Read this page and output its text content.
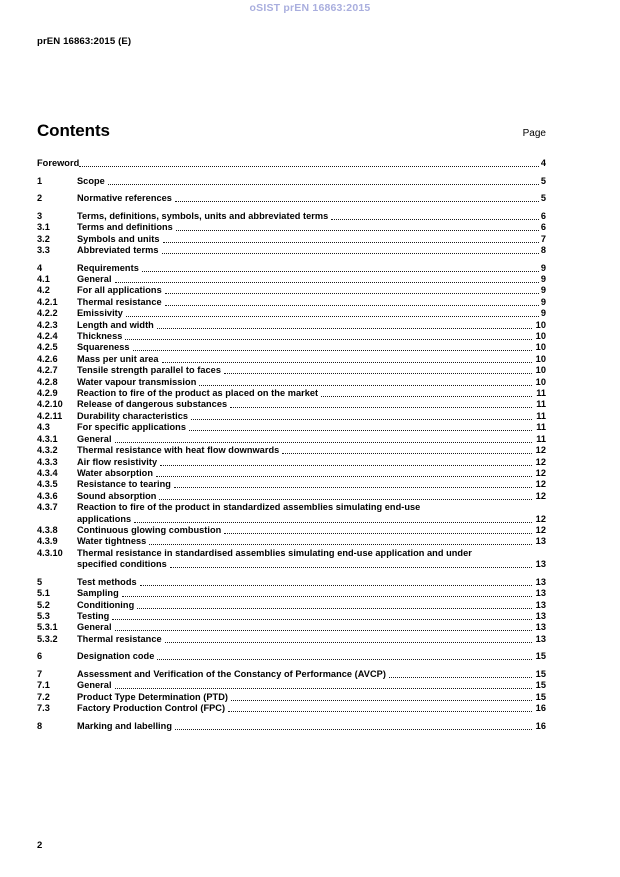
oSIST prEN 16863:2015
prEN 16863:2015 (E)
Contents	Page
Foreword	4
1	Scope	5
2	Normative references	5
3	Terms, definitions, symbols, units and abbreviated terms	6
3.1	Terms and definitions	6
3.2	Symbols and units	7
3.3	Abbreviated terms	8
4	Requirements	9
4.1	General	9
4.2	For all applications	9
4.2.1	Thermal resistance	9
4.2.2	Emissivity	9
4.2.3	Length and width	10
4.2.4	Thickness	10
4.2.5	Squareness	10
4.2.6	Mass per unit area	10
4.2.7	Tensile strength parallel to faces	10
4.2.8	Water vapour transmission	10
4.2.9	Reaction to fire of the product as placed on the market	11
4.2.10	Release of dangerous substances	11
4.2.11	Durability characteristics	11
4.3	For specific applications	11
4.3.1	General	11
4.3.2	Thermal resistance with heat flow downwards	12
4.3.3	Air flow resistivity	12
4.3.4	Water absorption	12
4.3.5	Resistance to tearing	12
4.3.6	Sound absorption	12
4.3.7	Reaction to fire of the product in standardized assemblies simulating end-use
applications	12
4.3.8	Continuous glowing combustion	12
4.3.9	Water tightness	13
4.3.10	Thermal resistance in standardised assemblies simulating end-use application and under
specified conditions	13
5	Test methods	13
5.1	Sampling	13
5.2	Conditioning	13
5.3	Testing	13
5.3.1	General	13
5.3.2	Thermal resistance	13
6	Designation code	15
7	Assessment and Verification of the Constancy of Performance (AVCP)	15
7.1	General	15
7.2	Product Type Determination (PTD)	15
7.3	Factory Production Control (FPC)	16
8	Marking and labelling	16
2
